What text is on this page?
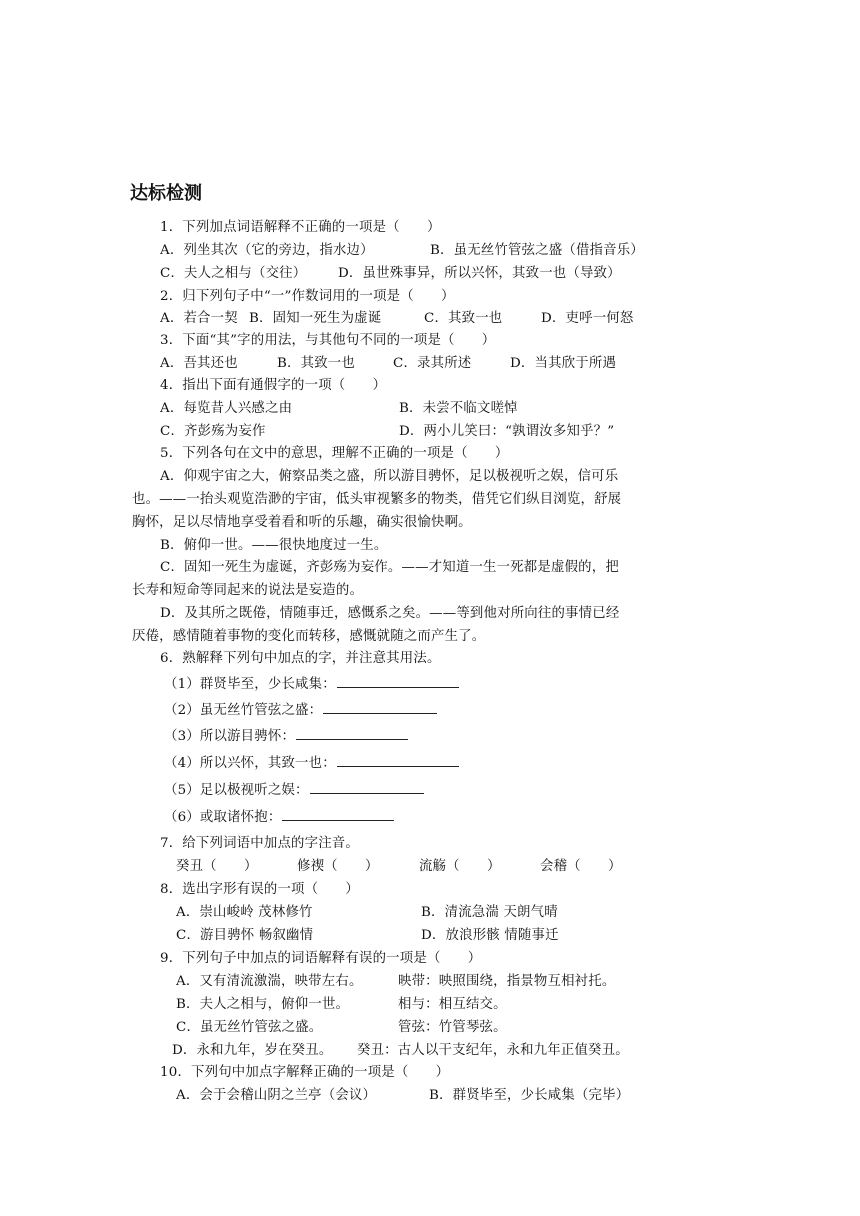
达标检测
1．下列加点词语解释不正确的一项是（　　）
A．列坐其次（它的旁边，指水边）	B．虽无丝竹管弦之盛（借指音乐）
C．夫人之相与（交往） D．虽世殊事异，所以兴怀，其致一也（导致）
2．归下列句子中“一”作数词用的一项是（　　）
A．若合一契 B．固知一死生为虚诞	C．其致一也	D．吏呼一何怒
3．下面“其”字的用法，与其他句不同的一项是（　　）
A．吾其还也	B．其致一也	C．录其所述	D．当其欣于所遇
4．指出下面有通假字的一项（　　）
A．每览昔人兴感之由	B．未尝不临文嗟悼
C．齐彭殇为妄作	D．两小儿笑曰：“孰谓汝多知乎？”
5．下列各句在文中的意思，理解不正确的一项是（　　）
A．仰观宇宙之大，俯察品类之盛，所以游目骋怀，足以极视听之娱，信可乐
也。——一抬头观览浩渺的宇宙，低头审视繁多的物类，借凭它们纵目浏览，舒展
胸怀，足以尽情地享受着看和听的乐趣，确实很愉快啊。
B．俯仰一世。——很快地度过一生。
C．固知一死生为虚诞，齐彭殇为妄作。——才知道一生一死都是虚假的，把
长寿和短命等同起来的说法是妄造的。
D．及其所之既倦，情随事迁，感慨系之矣。——等到他对所向往的事情已经
厌倦，感情随着事物的变化而转移，感慨就随之而产生了。
6．熟解释下列句中加点的字，并注意其用法。
（1）群贤毕至，少长咸集：
（2）虽无丝竹管弦之盛：
（3）所以游目骋怀：
（4）所以兴怀，其致一也：
（5）足以极视听之娱：
（6）或取诸怀抱：
7．给下列词语中加点的字注音。
癸丑（　　）	修禊（　　）	流觞（　　）	会稽（　　）
8．选出字形有误的一项（　　）
A．崇山峻岭 茂林修竹	B．清流急湍 天朗气晴
C．游目骋怀 畅叙幽情	D．放浪形骸 情随事迁
9．下列句子中加点的词语解释有误的一项是（　　）
A．又有清流激湍，映带左右。	映带：映照围绕，指景物互相衬托。
B．夫人之相与，俯仰一世。	相与：相互结交。
C．虽无丝竹管弦之盛。	管弦：竹管琴弦。
D．永和九年，岁在癸丑。 癸丑：古人以干支纪年，永和九年正值癸丑。
10．下列句中加点字解释正确的一项是（　　）
A．会于会稽山阴之兰亭（会议）	B．群贤毕至，少长咸集（完毕）
